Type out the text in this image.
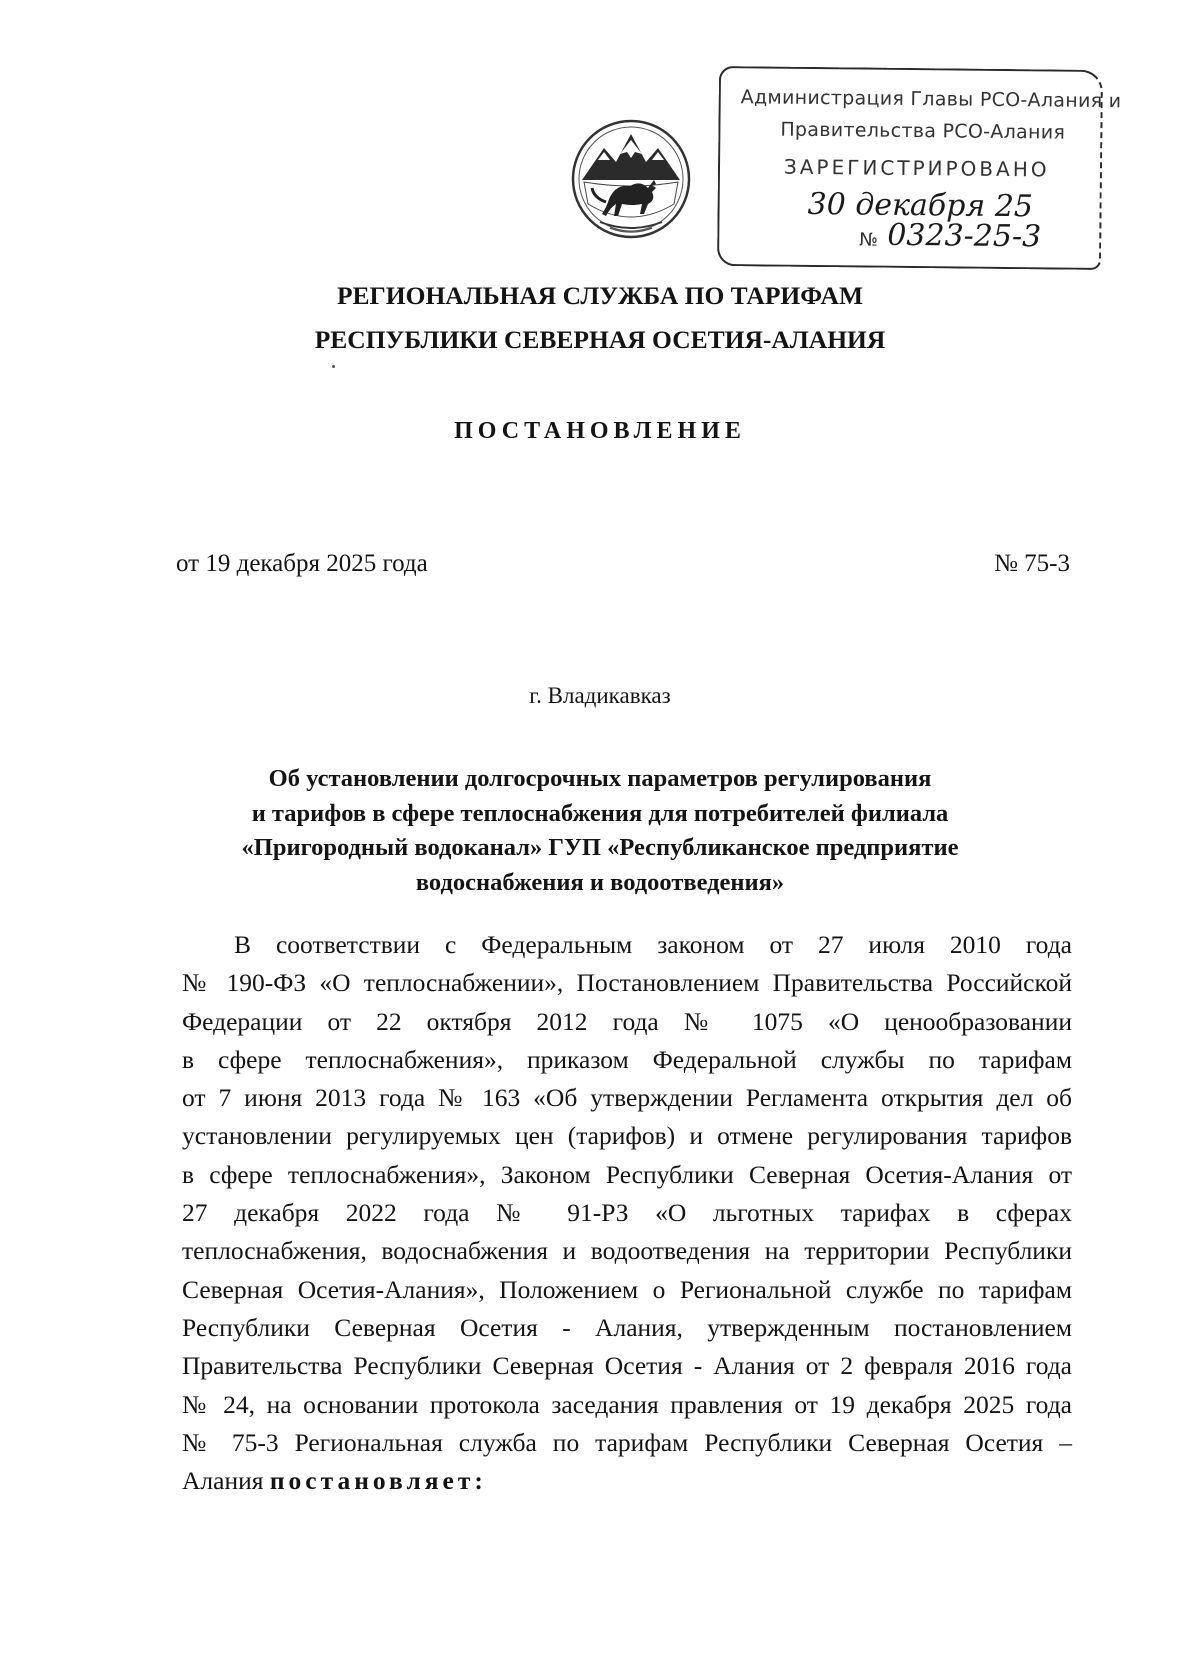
Администрация Главы РСО-Алания и
Правительства РСО-Алания
ЗАРЕГИСТРИРОВАНО
30 декабря 25
№ 0323-25-3
РЕГИОНАЛЬНАЯ СЛУЖБА ПО ТАРИФАМ
РЕСПУБЛИКИ СЕВЕРНАЯ ОСЕТИЯ-АЛАНИЯ
ПОСТАНОВЛЕНИЕ
от 19 декабря 2025 года	№ 75-3
г. Владикавказ
Об установлении долгосрочных параметров регулирования
и тарифов в сфере теплоснабжения для потребителей филиала
«Пригородный водоканал» ГУП «Республиканское предприятие
водоснабжения и водоотведения»
В соответствии с Федеральным законом от 27 июля 2010 года
№ 190-ФЗ «О теплоснабжении», Постановлением Правительства Российской
Федерации от 22 октября 2012 года № 1075 «О ценообразовании
в сфере теплоснабжения», приказом Федеральной службы по тарифам
от 7 июня 2013 года № 163 «Об утверждении Регламента открытия дел об
установлении регулируемых цен (тарифов) и отмене регулирования тарифов
в сфере теплоснабжения», Законом Республики Северная Осетия-Алания от
27 декабря 2022 года № 91-РЗ «О льготных тарифах в сферах
теплоснабжения, водоснабжения и водоотведения на территории Республики
Северная Осетия-Алания», Положением о Региональной службе по тарифам
Республики Северная Осетия - Алания, утвержденным постановлением
Правительства Республики Северная Осетия - Алания от 2 февраля 2016 года
№ 24, на основании протокола заседания правления от 19 декабря 2025 года
№ 75-3 Региональная служба по тарифам Республики Северная Осетия –
Алания постановляет:
